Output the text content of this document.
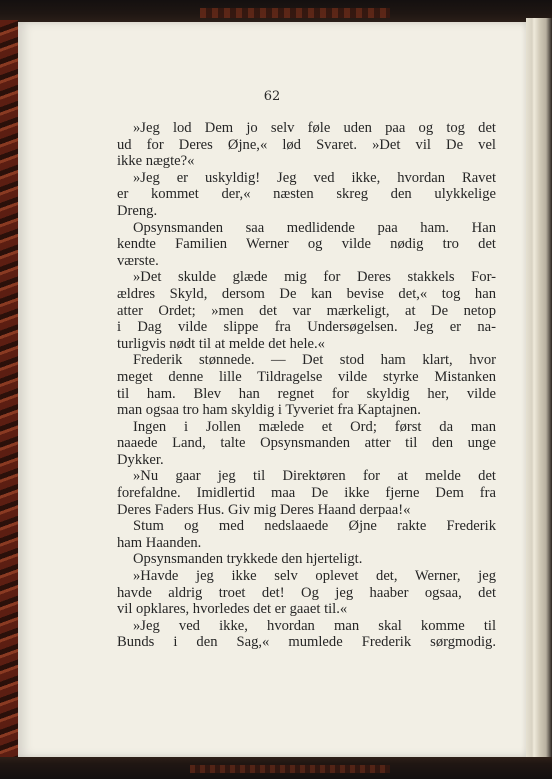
62
»Jeg lod Dem jo selv føle uden paa og tog det
ud for Deres Øjne,« lød Svaret. »Det vil De vel
ikke nægte?«
»Jeg er uskyldig! Jeg ved ikke, hvordan Ravet
er kommet der,« næsten skreg den ulykkelige
Dreng.
Opsynsmanden saa medlidende paa ham. Han
kendte Familien Werner og vilde nødig tro det
værste.
»Det skulde glæde mig for Deres stakkels For-
ældres Skyld, dersom De kan bevise det,« tog han
atter Ordet; »men det var mærkeligt, at De netop
i Dag vilde slippe fra Undersøgelsen. Jeg er na-
turligvis nødt til at melde det hele.«
Frederik stønnede. — Det stod ham klart, hvor
meget denne lille Tildragelse vilde styrke Mistanken
til ham. Blev han regnet for skyldig her, vilde
man ogsaa tro ham skyldig i Tyveriet fra Kaptajnen.
Ingen i Jollen mælede et Ord; først da man
naaede Land, talte Opsynsmanden atter til den unge
Dykker.
»Nu gaar jeg til Direktøren for at melde det
forefaldne. Imidlertid maa De ikke fjerne Dem fra
Deres Faders Hus. Giv mig Deres Haand derpaa!«
Stum og med nedslaaede Øjne rakte Frederik
ham Haanden.
Opsynsmanden trykkede den hjerteligt.
»Havde jeg ikke selv oplevet det, Werner, jeg
havde aldrig troet det! Og jeg haaber ogsaa, det
vil opklares, hvorledes det er gaaet til.«
»Jeg ved ikke, hvordan man skal komme til
Bunds i den Sag,« mumlede Frederik sørgmodig.
